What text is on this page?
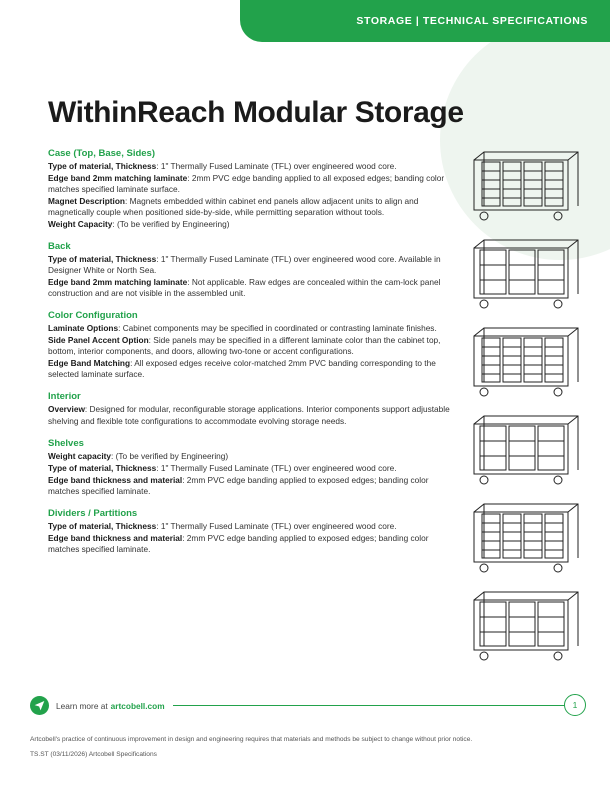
STORAGE | TECHNICAL SPECIFICATIONS
WithinReach Modular Storage
Case (Top, Base, Sides)
Type of material, Thickness: 1" Thermally Fused Laminate (TFL) over engineered wood core.
Edge band 2mm matching laminate: 2mm PVC edge banding applied to all exposed edges; banding color matches specified laminate surface.
Magnet Description: Magnets embedded within cabinet end panels allow adjacent units to align and magnetically couple when positioned side-by-side, while permitting separation without tools.
Weight Capacity: (To be verified by Engineering)
Back
Type of material, Thickness: 1" Thermally Fused Laminate (TFL) over engineered wood core. Available in Designer White or North Sea.
Edge band 2mm matching laminate: Not applicable. Raw edges are concealed within the cam-lock panel construction and are not visible in the assembled unit.
Color Configuration
Laminate Options: Cabinet components may be specified in coordinated or contrasting laminate finishes.
Side Panel Accent Option: Side panels may be specified in a different laminate color than the cabinet top, bottom, interior components, and doors, allowing two-tone or accent configurations.
Edge Band Matching: All exposed edges receive color-matched 2mm PVC banding corresponding to the selected laminate surface.
Interior
Overview: Designed for modular, reconfigurable storage applications. Interior components support adjustable shelving and flexible tote configurations to accommodate evolving storage needs.
Shelves
Weight capacity: (To be verified by Engineering)
Type of material, Thickness: 1" Thermally Fused Laminate (TFL) over engineered wood core.
Edge band thickness and material: 2mm PVC edge banding applied to exposed edges; banding color matches specified laminate.
Dividers / Partitions
Type of material, Thickness: 1" Thermally Fused Laminate (TFL) over engineered wood core.
Edge band thickness and material: 2mm PVC edge banding applied to exposed edges; banding color matches specified laminate.
Learn more at artcobell.com	1
Artcobell's practice of continuous improvement in design and engineering requires that materials and methods be subject to change without prior notice.
TS.ST (03/11/2026) Artcobell Specifications
